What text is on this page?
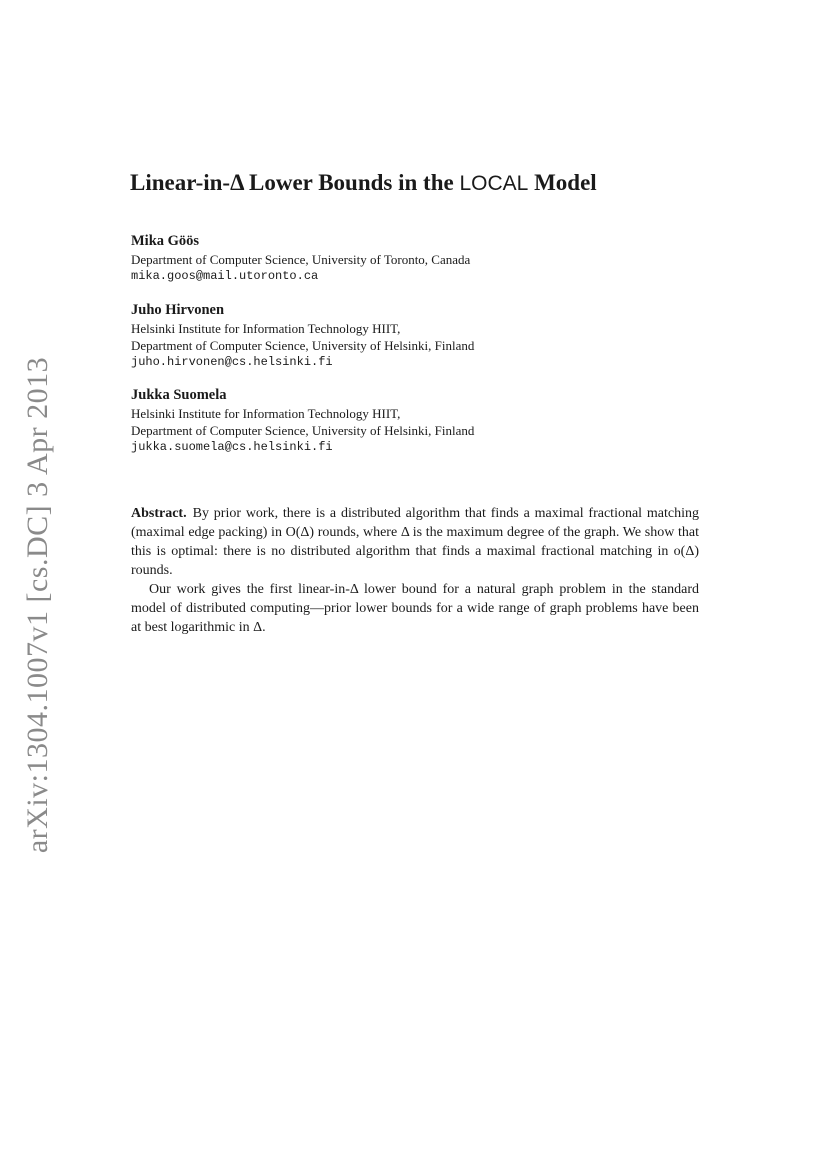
arXiv:1304.1007v1 [cs.DC] 3 Apr 2013
Linear-in-Δ Lower Bounds in the LOCAL Model
Mika Göös
Department of Computer Science, University of Toronto, Canada
mika.goos@mail.utoronto.ca
Juho Hirvonen
Helsinki Institute for Information Technology HIIT,
Department of Computer Science, University of Helsinki, Finland
juho.hirvonen@cs.helsinki.fi
Jukka Suomela
Helsinki Institute for Information Technology HIIT,
Department of Computer Science, University of Helsinki, Finland
jukka.suomela@cs.helsinki.fi

Abstract. By prior work, there is a distributed algorithm that finds a maximal fractional matching (maximal edge packing) in O(Δ) rounds, where Δ is the maximum degree of the graph. We show that this is optimal: there is no distributed algorithm that finds a maximal fractional matching in o(Δ) rounds.

Our work gives the first linear-in-Δ lower bound for a natural graph problem in the standard model of distributed computing—prior lower bounds for a wide range of graph problems have been at best logarithmic in Δ.
